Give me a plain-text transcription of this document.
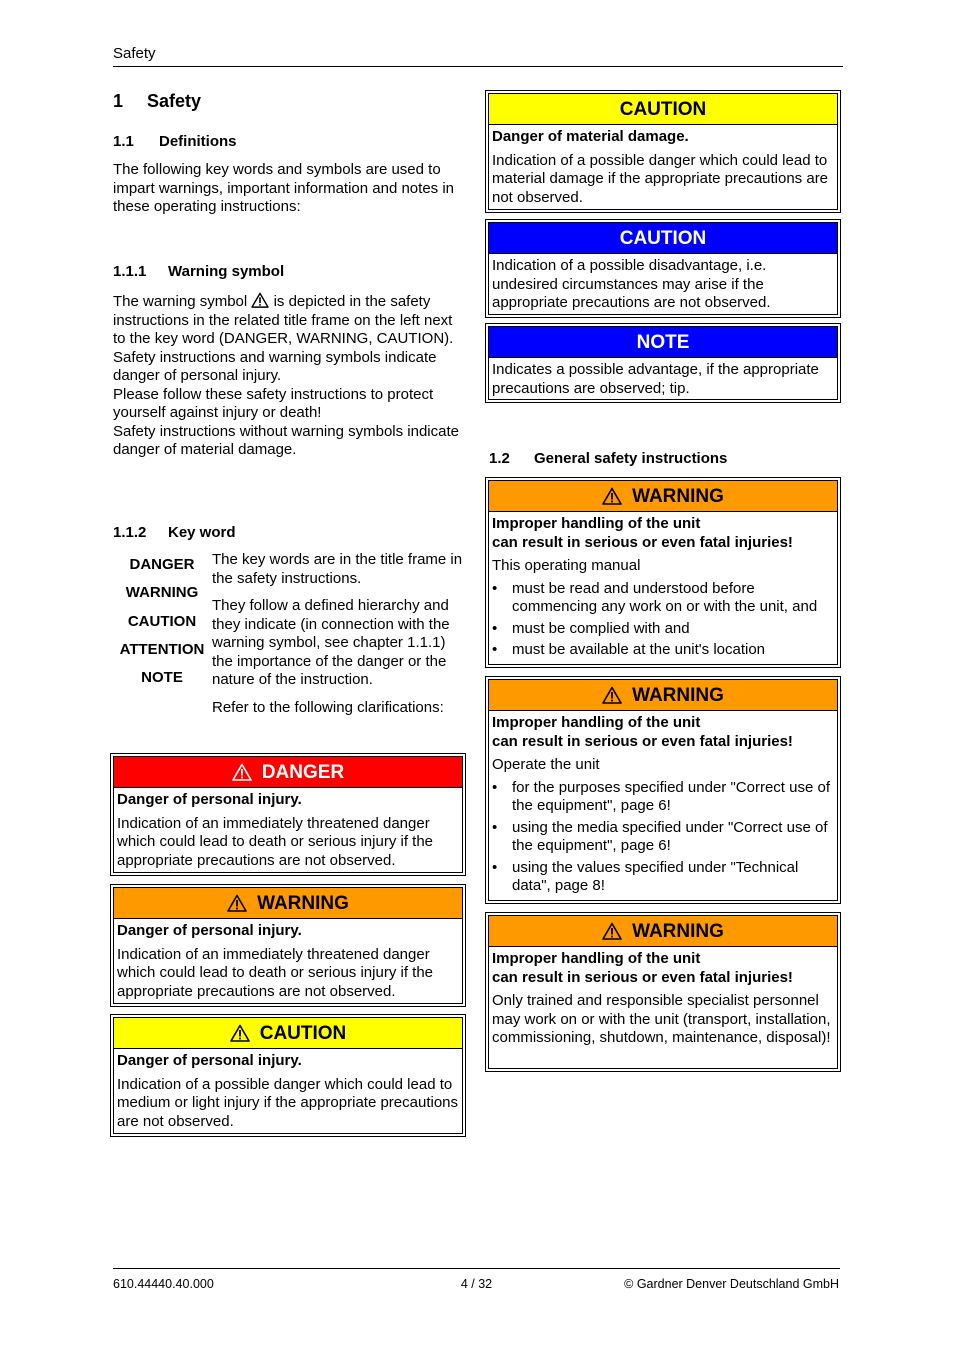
Safety
1 Safety
1.1 Definitions

The following key words and symbols are used to impart warnings, important information and notes in these operating instructions:

1.1.1 Warning symbol

The warning symbol is depicted in the safety instructions in the related title frame on the left next to the key word (DANGER, WARNING, CAUTION).

Safety instructions and warning symbols indicate danger of personal injury.

Please follow these safety instructions to protect yourself against injury or death!

Safety instructions without warning symbols indicate danger of material damage.

1.1.2 Key word
DANGER
WARNING
CAUTION
ATTENTION
NOTE

The key words are in the title frame in the safety instructions.

They follow a defined hierarchy and they indicate (in connection with the warning symbol, see chapter 1.1.1) the importance of the danger or the nature of the instruction.

Refer to the following clarifications:

DANGER
Danger of personal injury.
Indication of an immediately threatened danger which could lead to death or serious injury if the appropriate precautions are not observed.
WARNING
Danger of personal injury.
Indication of an immediately threatened danger which could lead to death or serious injury if the appropriate precautions are not observed.
CAUTION
Danger of personal injury.
Indication of a possible danger which could lead to medium or light injury if the appropriate precautions are not observed.
CAUTION
Danger of material damage.
Indication of a possible danger which could lead to material damage if the appropriate precautions are not observed.
CAUTION
Indication of a possible disadvantage, i.e. undesired circumstances may arise if the appropriate precautions are not observed.
NOTE
Indicates a possible advantage, if the appropriate precautions are observed; tip.
1.2 General safety instructions
WARNING
Improper handling of the unit
can result in serious or even fatal injuries!
This operating manual
• must be read and understood before commencing any work on or with the unit, and
• must be complied with and
• must be available at the unit's location
WARNING
Improper handling of the unit
can result in serious or even fatal injuries!
Operate the unit
• for the purposes specified under "Correct use of the equipment", page 6!
• using the media specified under "Correct use of the equipment", page 6!
• using the values specified under "Technical data", page 8!
WARNING
Improper handling of the unit
can result in serious or even fatal injuries!
Only trained and responsible specialist personnel may work on or with the unit (transport, installation, commissioning, shutdown, maintenance, disposal)!
610.44440.40.000	4 / 32	© Gardner Denver Deutschland GmbH
